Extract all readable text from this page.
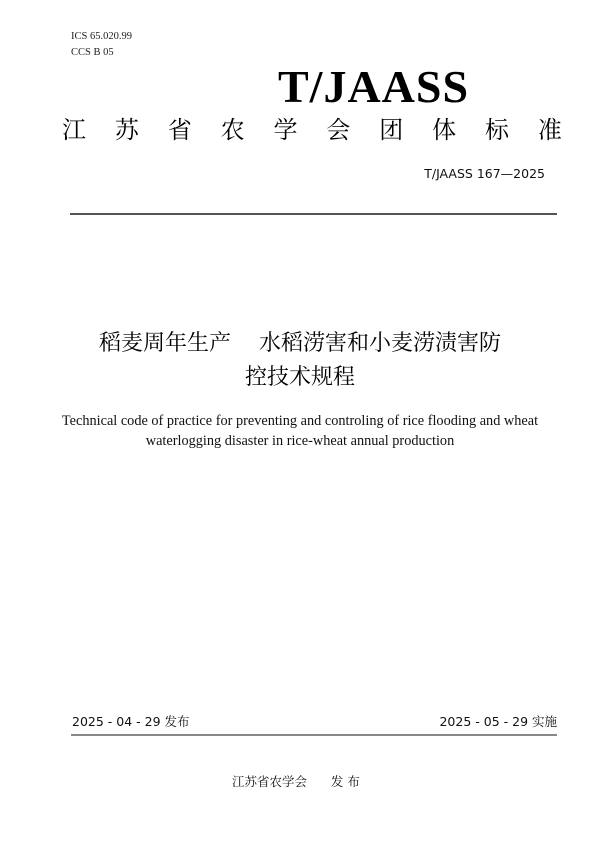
ICS 65.020.99
CCS B 05
T/JAASS
江 苏 省 农 学 会 团 体 标 准
T/JAASS 167—2025
稻麦周年生产    水稻涝害和小麦涝渍害防
控技术规程
Technical code of practice for preventing and controling of rice flooding and wheat
waterlogging disaster in rice-wheat annual production
2025 - 04 - 29 发布	2025 - 05 - 29 实施
江苏省农学会      发 布
